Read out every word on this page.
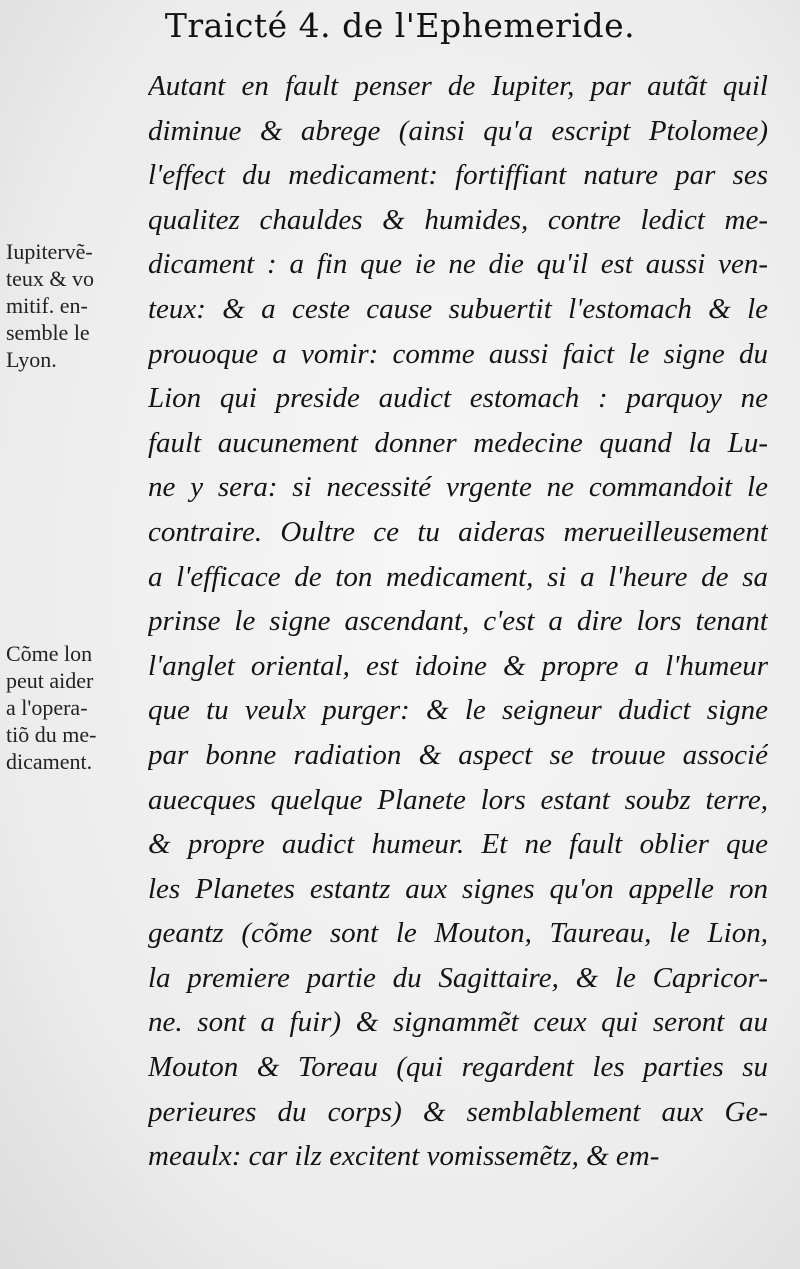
Traicté 4. de l'Ephemeride.
Iupitervẽ-
teux & vo
mitif. en-
semble le
Lyon.
Cõme lon
peut aider
a l'opera-
tiõ du me-
dicament.
Autant en fault penser de Iupiter, par autãt quil
diminue & abrege (ainsi qu'a escript Ptolomee)
l'effect du medicament: fortiffiant nature par ses
qualitez chauldes & humides, contre ledict me-
dicament : a fin que ie ne die qu'il est aussi ven-
teux: & a ceste cause subuertit l'estomach & le
prouoque a vomir: comme aussi faict le signe du
Lion qui preside audict estomach : parquoy ne
fault aucunement donner medecine quand la Lu-
ne y sera: si necessité vrgente ne commandoit le
contraire. Oultre ce tu aideras merueilleusement
a l'efficace de ton medicament, si a l'heure de sa
prinse le signe ascendant, c'est a dire lors tenant
l'anglet oriental, est idoine & propre a l'humeur
que tu veulx purger: & le seigneur dudict signe
par bonne radiation & aspect se trouue associé
auecques quelque Planete lors estant soubz terre,
& propre audict humeur. Et ne fault oblier que
les Planetes estantz aux signes qu'on appelle ron
geantz (cõme sont le Mouton, Taureau, le Lion,
la premiere partie du Sagittaire, & le Capricor-
ne. sont a fuir) & signammẽt ceux qui seront au
Mouton & Toreau (qui regardent les parties su
perieures du corps) & semblablement aux Ge-
meaulx: car ilz excitent vomissemẽtz, & em-
